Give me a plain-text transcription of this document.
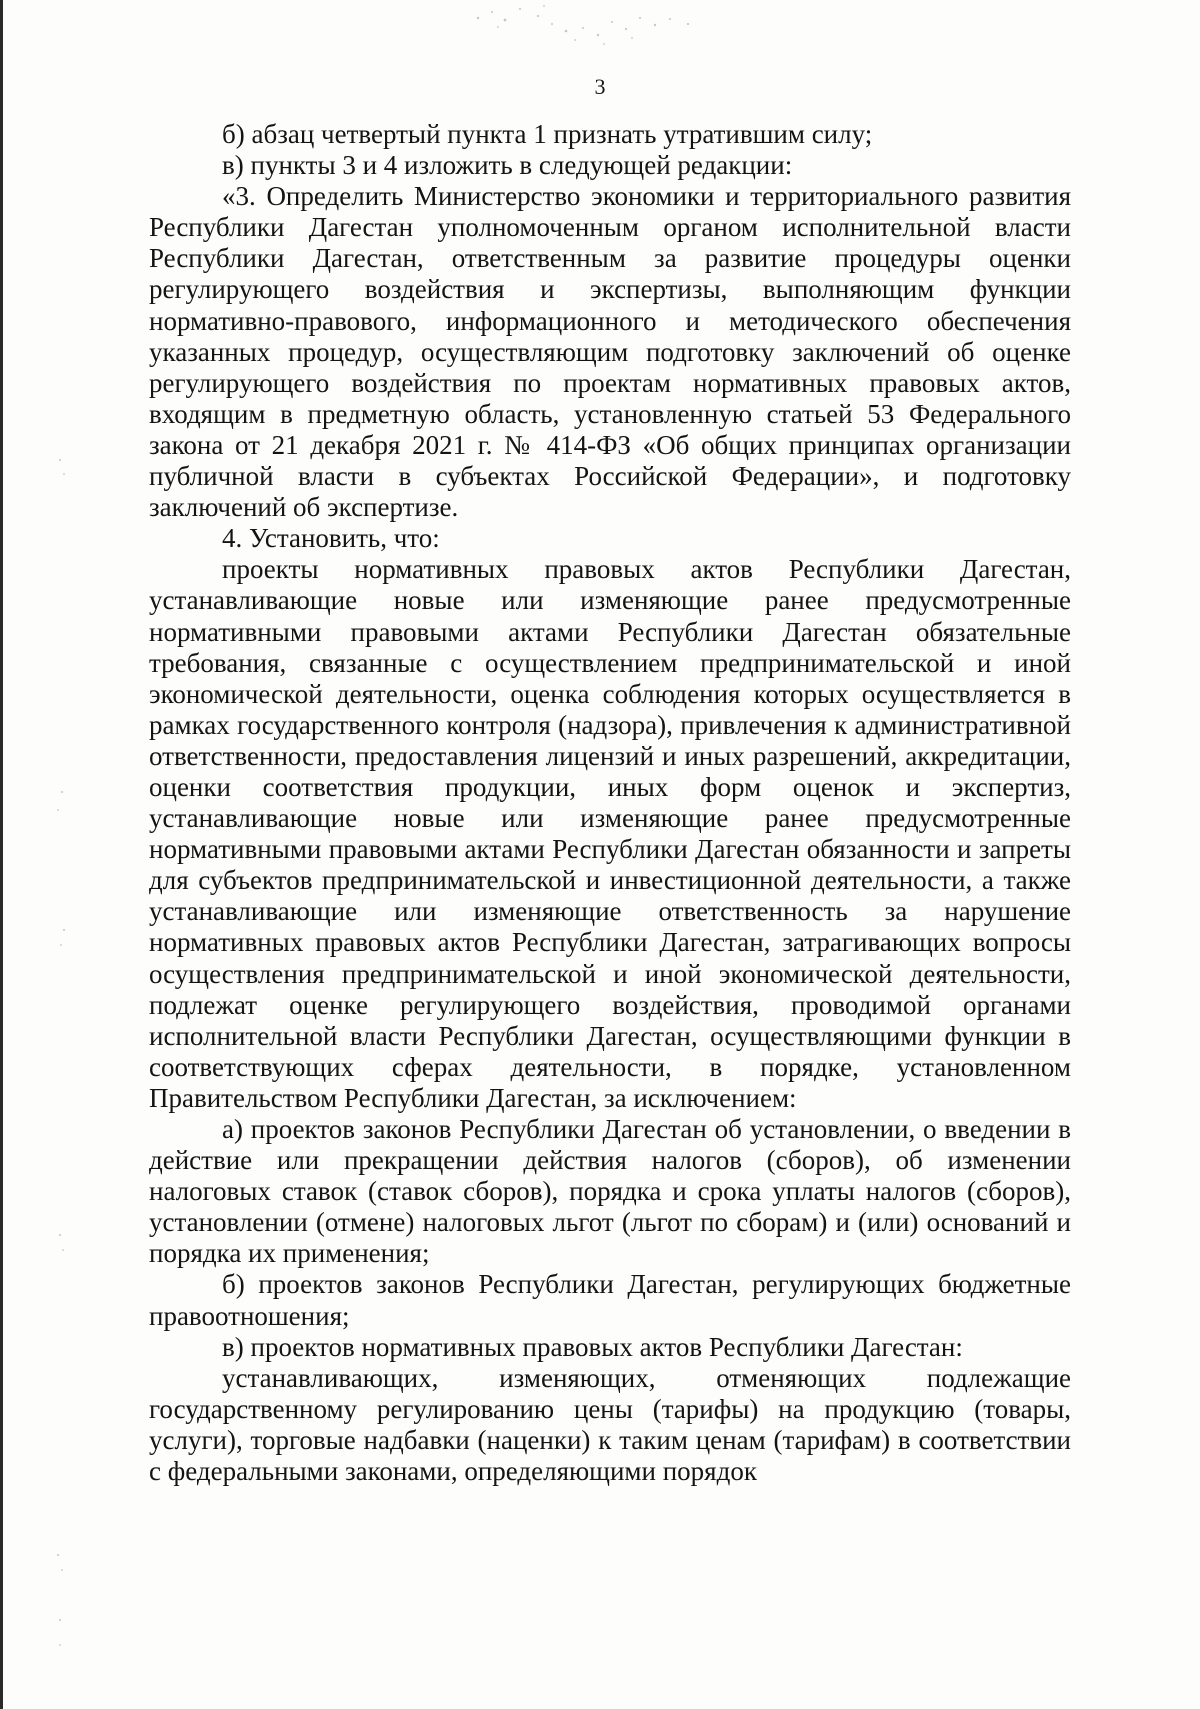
3

б) абзац четвертый пункта 1 признать утратившим силу;

в) пункты 3 и 4 изложить в следующей редакции:

«3. Определить Министерство экономики и территориального развития Республики Дагестан уполномоченным органом исполнительной власти Республики Дагестан, ответственным за развитие процедуры оценки регулирующего воздействия и экспертизы, выполняющим функции нормативно-правового, информационного и методического обеспечения указанных процедур, осуществляющим подготовку заключений об оценке регулирующего воздействия по проектам нормативных правовых актов, входящим в предметную область, установленную статьей 53 Федерального закона от 21 декабря 2021 г. № 414-ФЗ «Об общих принципах организации публичной власти в субъектах Российской Федерации», и подготовку заключений об экспертизе.

4. Установить, что:

проекты нормативных правовых актов Республики Дагестан, устанавливающие новые или изменяющие ранее предусмотренные нормативными правовыми актами Республики Дагестан обязательные требования, связанные с осуществлением предпринимательской и иной экономической деятельности, оценка соблюдения которых осуществляется в рамках государственного контроля (надзора), привлечения к административной ответственности, предоставления лицензий и иных разрешений, аккредитации, оценки соответствия продукции, иных форм оценок и экспертиз, устанавливающие новые или изменяющие ранее предусмотренные нормативными правовыми актами Республики Дагестан обязанности и запреты для субъектов предпринимательской и инвестиционной деятельности, а также устанавливающие или изменяющие ответственность за нарушение нормативных правовых актов Республики Дагестан, затрагивающих вопросы осуществления предпринимательской и иной экономической деятельности, подлежат оценке регулирующего воздействия, проводимой органами исполнительной власти Республики Дагестан, осуществляющими функции в соответствующих сферах деятельности, в порядке, установленном Правительством Республики Дагестан, за исключением:

а) проектов законов Республики Дагестан об установлении, о введении в действие или прекращении действия налогов (сборов), об изменении налоговых ставок (ставок сборов), порядка и срока уплаты налогов (сборов), установлении (отмене) налоговых льгот (льгот по сборам) и (или) оснований и порядка их применения;

б) проектов законов Республики Дагестан, регулирующих бюджетные правоотношения;

в) проектов нормативных правовых актов Республики Дагестан:

устанавливающих, изменяющих, отменяющих подлежащие государственному регулированию цены (тарифы) на продукцию (товары, услуги), торговые надбавки (наценки) к таким ценам (тарифам) в соответствии с федеральными законами, определяющими порядок
